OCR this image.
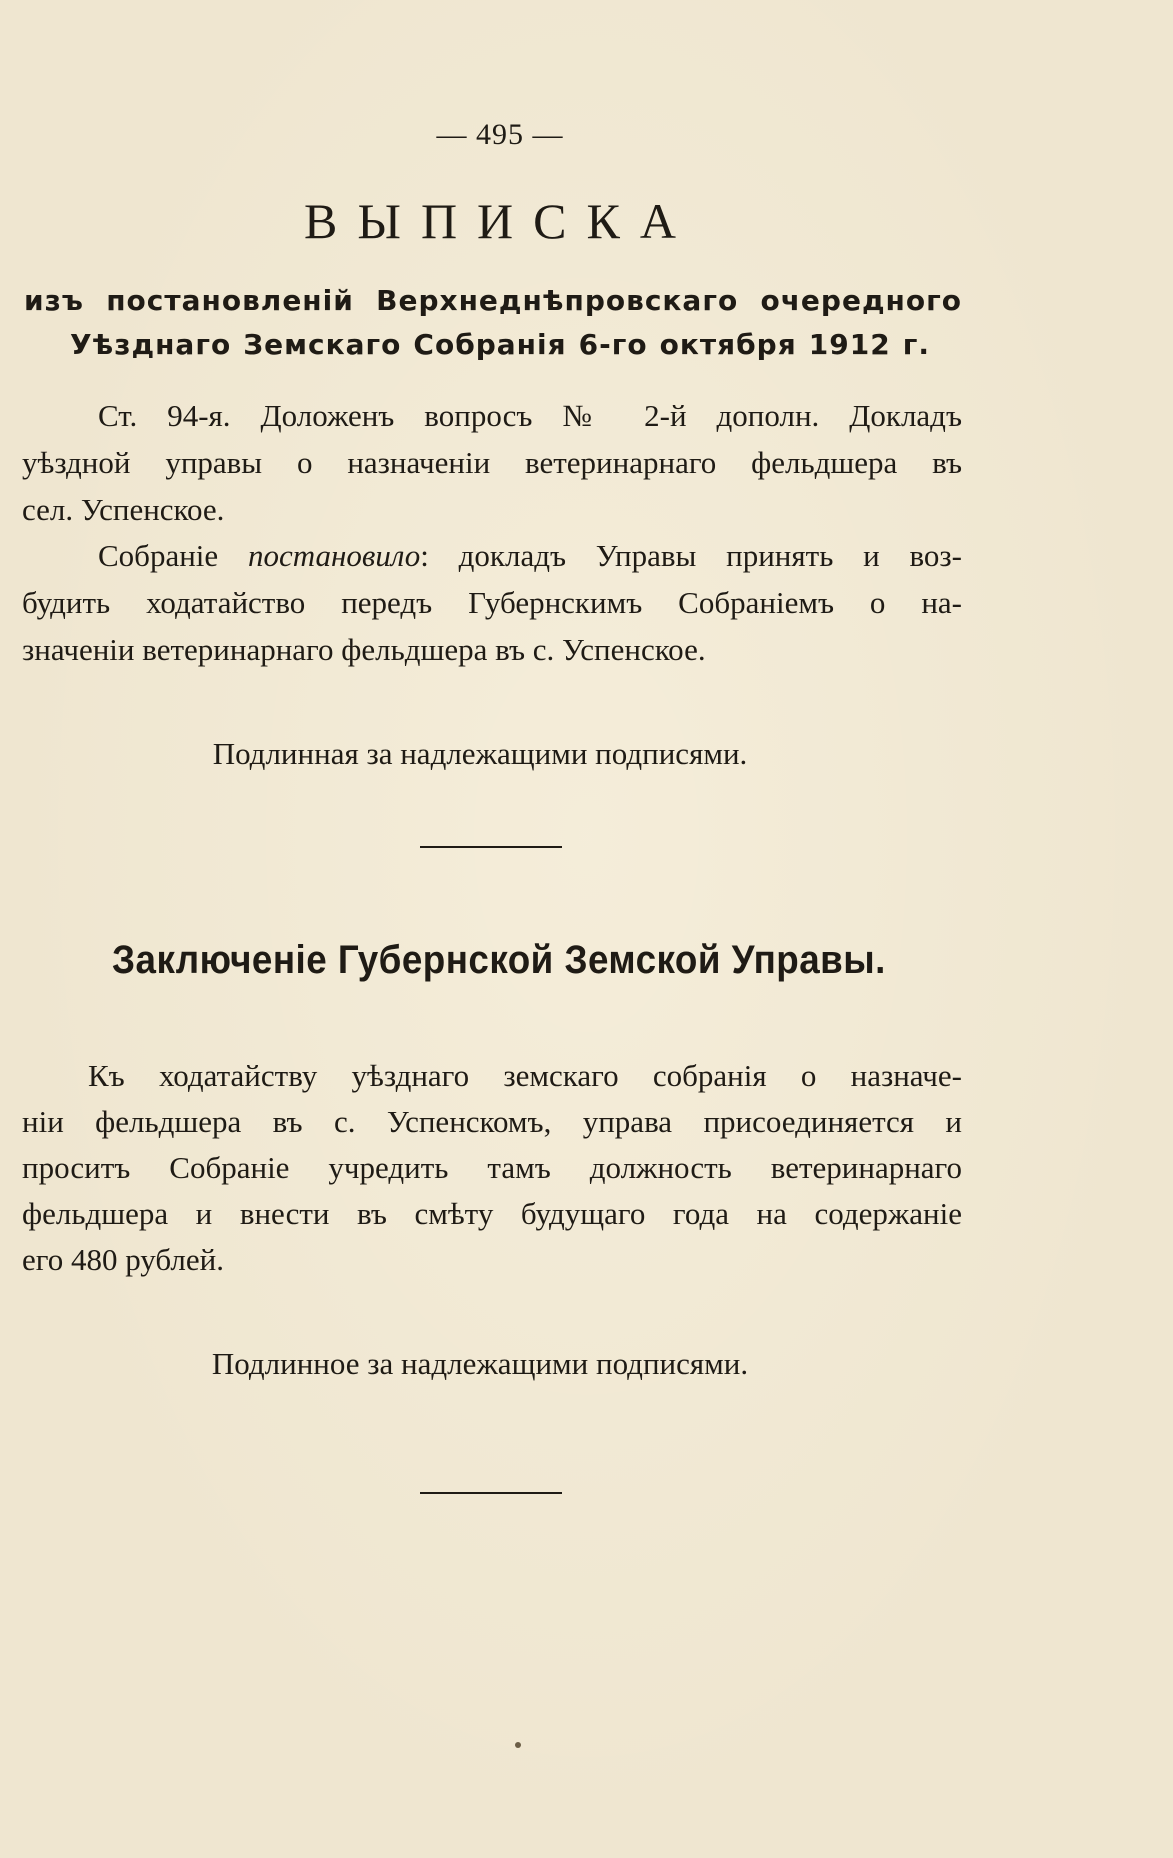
— 495 —
ВЫПИСКА

изъ постановленій Верхнеднѣпровскаго очередного

Уѣзднаго Земскаго Собранія 6-го октября 1912 г.

Ст. 94-я. Доложенъ вопросъ № 2-й дополн. Докладъ

уѣздной управы о назначеніи ветеринарнаго фельдшера въ

сел. Успенское.

Собраніе постановило: докладъ Управы принять и воз-

будить ходатайство передъ Губернскимъ Собраніемъ о на-

значеніи ветеринарнаго фельдшера въ с. Успенское.

Подлинная за надлежащими подписями.

Заключеніе Губернской Земской Управы.

Къ ходатайству уѣзднаго земскаго собранія о назначе-

ніи фельдшера въ с. Успенскомъ, управа присоединяется и

проситъ Собраніе учредить тамъ должность ветеринарнаго

фельдшера и внести въ смѣту будущаго года на содержаніе

его 480 рублей.

Подлинное за надлежащими подписями.
